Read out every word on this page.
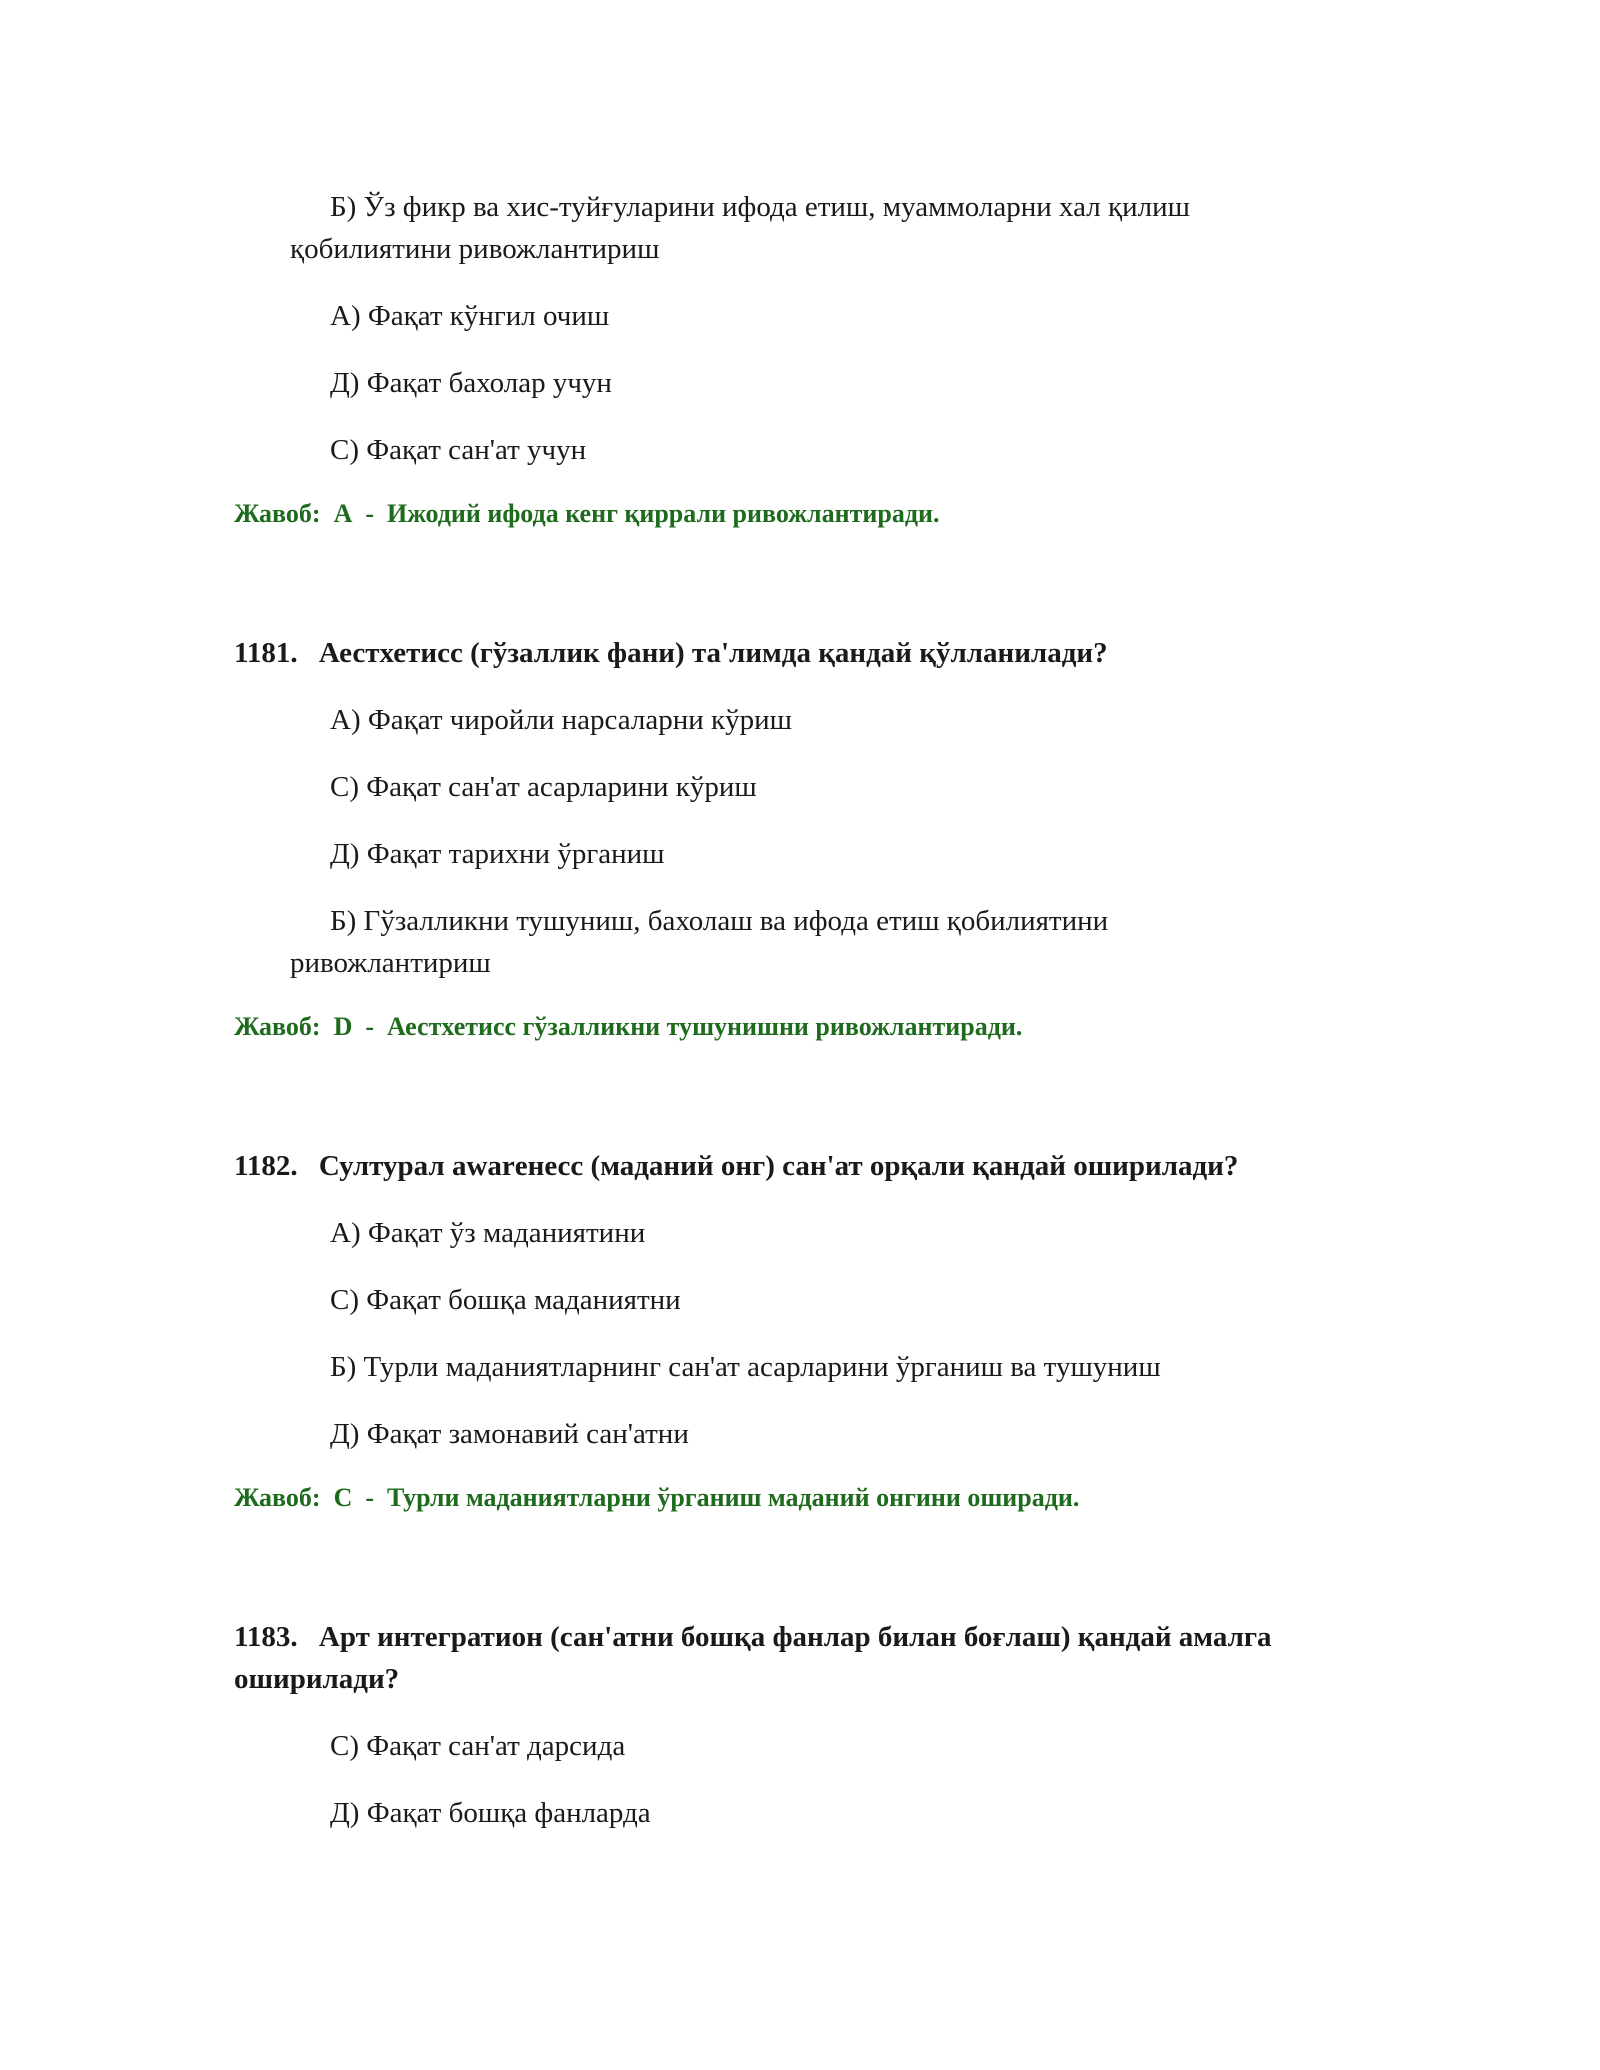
Б) Ўз фикр ва хис-туйғуларини ифода етиш, муаммоларни хал қилиш
қобилиятини ривожлантириш

А) Фақат кўнгил очиш

Д) Фақат бахолар учун

С) Фақат сан'ат учун

Жавоб: A  -  Ижодий ифода кенг қиррали ривожлантиради.

1181. Аестхетисс (гўзаллик фани) та'лимда қандай қўлланилади?

А) Фақат чиройли нарсаларни кўриш

С) Фақат сан'ат асарларини кўриш

Д) Фақат тарихни ўрганиш

Б) Гўзалликни тушуниш, бахолаш ва ифода етиш қобилиятини
ривожлантириш

Жавоб: D  -  Аестхетисс гўзалликни тушунишни ривожлантиради.

1182. Султурал awarенесс (маданий онг) сан'ат орқали қандай оширилади?

А) Фақат ўз маданиятини

С) Фақат бошқа маданиятни

Б) Турли маданиятларнинг сан'ат асарларини ўрганиш ва тушуниш

Д) Фақат замонавий сан'атни

Жавоб: C  -  Турли маданиятларни ўрганиш маданий онгини оширади.

1183. Арт интегратион (сан'атни бошқа фанлар билан боғлаш) қандай амалга оширилади?

С) Фақат сан'ат дарсида

Д) Фақат бошқа фанларда
